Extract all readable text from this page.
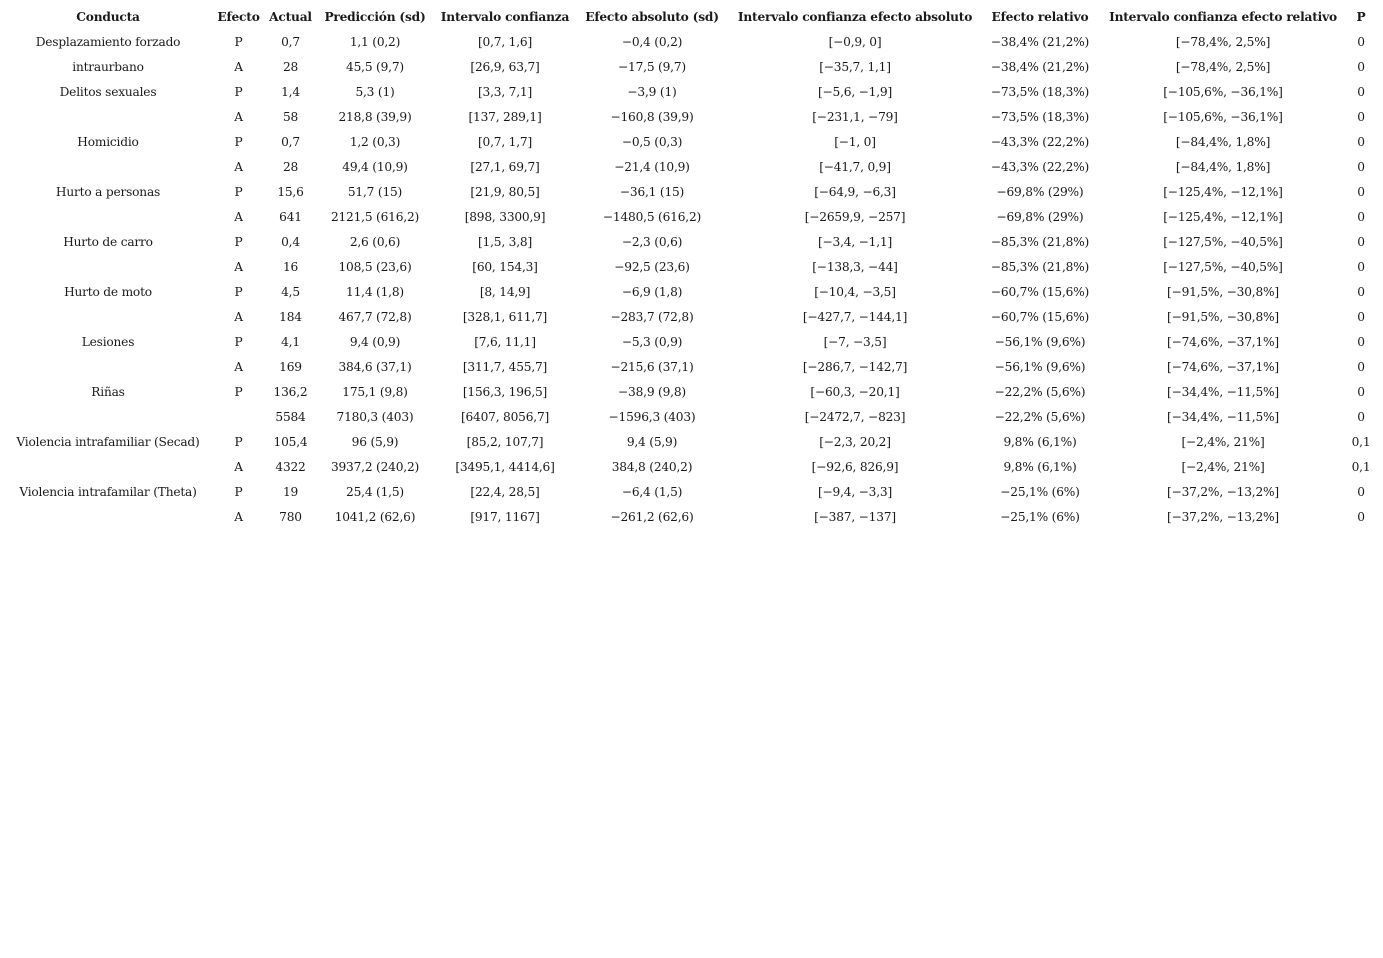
Conducta	Efecto	Actual	Predicción (sd)	Intervalo confianza	Efecto absoluto (sd)	Intervalo confianza efecto absoluto	Efecto relativo	Intervalo confianza efecto relativo	P
Desplazamiento forzado	P	0,7	1,1 (0,2)	[0,7, 1,6]	−0,4 (0,2)	[−0,9, 0]	−38,4% (21,2%)	[−78,4%, 2,5%]	0
intraurbano	A	28	45,5 (9,7)	[26,9, 63,7]	−17,5 (9,7)	[−35,7, 1,1]	−38,4% (21,2%)	[−78,4%, 2,5%]	0
Delitos sexuales	P	1,4	5,3 (1)	[3,3, 7,1]	−3,9 (1)	[−5,6, −1,9]	−73,5% (18,3%)	[−105,6%, −36,1%]	0
	A	58	218,8 (39,9)	[137, 289,1]	−160,8 (39,9)	[−231,1, −79]	−73,5% (18,3%)	[−105,6%, −36,1%]	0
Homicidio	P	0,7	1,2 (0,3)	[0,7, 1,7]	−0,5 (0,3)	[−1, 0]	−43,3% (22,2%)	[−84,4%, 1,8%]	0
	A	28	49,4 (10,9)	[27,1, 69,7]	−21,4 (10,9)	[−41,7, 0,9]	−43,3% (22,2%)	[−84,4%, 1,8%]	0
Hurto a personas	P	15,6	51,7 (15)	[21,9, 80,5]	−36,1 (15)	[−64,9, −6,3]	−69,8% (29%)	[−125,4%, −12,1%]	0
	A	641	2121,5 (616,2)	[898, 3300,9]	−1480,5 (616,2)	[−2659,9, −257]	−69,8% (29%)	[−125,4%, −12,1%]	0
Hurto de carro	P	0,4	2,6 (0,6)	[1,5, 3,8]	−2,3 (0,6)	[−3,4, −1,1]	−85,3% (21,8%)	[−127,5%, −40,5%]	0
	A	16	108,5 (23,6)	[60, 154,3]	−92,5 (23,6)	[−138,3, −44]	−85,3% (21,8%)	[−127,5%, −40,5%]	0
Hurto de moto	P	4,5	11,4 (1,8)	[8, 14,9]	−6,9 (1,8)	[−10,4, −3,5]	−60,7% (15,6%)	[−91,5%, −30,8%]	0
	A	184	467,7 (72,8)	[328,1, 611,7]	−283,7 (72,8)	[−427,7, −144,1]	−60,7% (15,6%)	[−91,5%, −30,8%]	0
Lesiones	P	4,1	9,4 (0,9)	[7,6, 11,1]	−5,3 (0,9)	[−7, −3,5]	−56,1% (9,6%)	[−74,6%, −37,1%]	0
	A	169	384,6 (37,1)	[311,7, 455,7]	−215,6 (37,1)	[−286,7, −142,7]	−56,1% (9,6%)	[−74,6%, −37,1%]	0
Riñas	P	136,2	175,1 (9,8)	[156,3, 196,5]	−38,9 (9,8)	[−60,3, −20,1]	−22,2% (5,6%)	[−34,4%, −11,5%]	0
		5584	7180,3 (403)	[6407, 8056,7]	−1596,3 (403)	[−2472,7, −823]	−22,2% (5,6%)	[−34,4%, −11,5%]	0
Violencia intrafamiliar (Secad)	P	105,4	96 (5,9)	[85,2, 107,7]	9,4 (5,9)	[−2,3, 20,2]	9,8% (6,1%)	[−2,4%, 21%]	0,1
	A	4322	3937,2 (240,2)	[3495,1, 4414,6]	384,8 (240,2)	[−92,6, 826,9]	9,8% (6,1%)	[−2,4%, 21%]	0,1
Violencia intrafamilar (Theta)	P	19	25,4 (1,5)	[22,4, 28,5]	−6,4 (1,5)	[−9,4, −3,3]	−25,1% (6%)	[−37,2%, −13,2%]	0
	A	780	1041,2 (62,6)	[917, 1167]	−261,2 (62,6)	[−387, −137]	−25,1% (6%)	[−37,2%, −13,2%]	0
